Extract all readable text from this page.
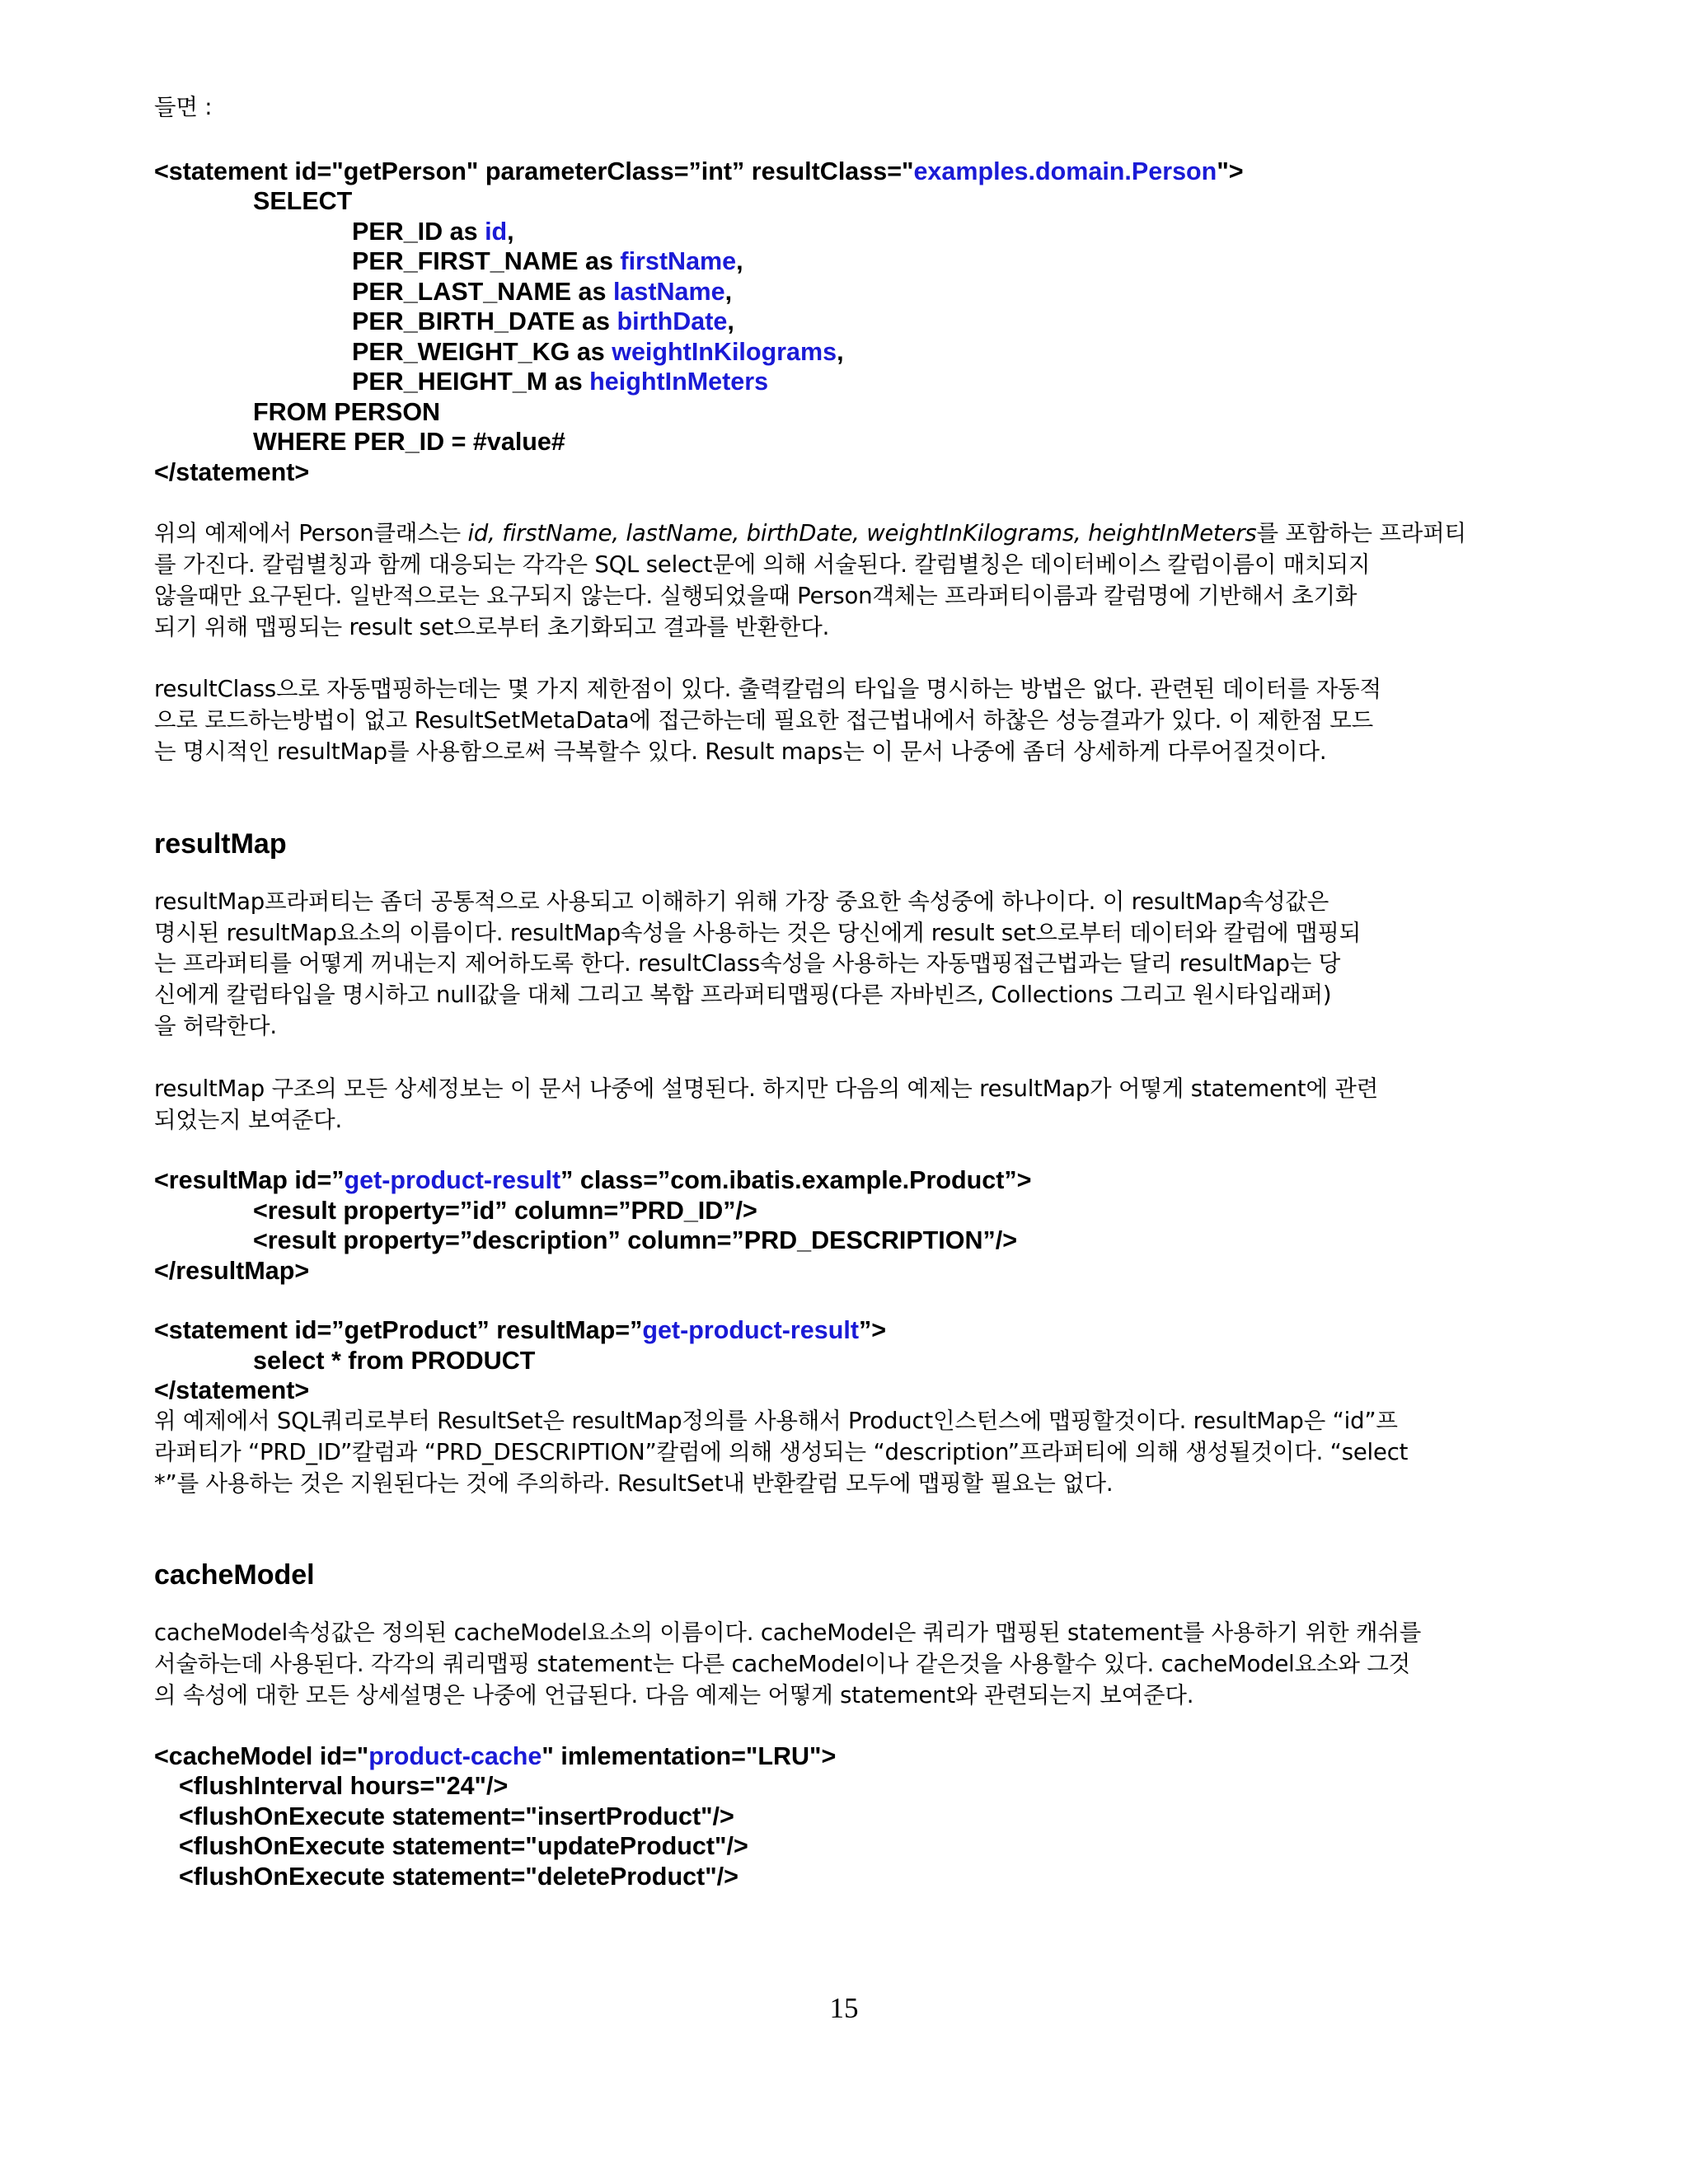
들면 :

<statement id="getPerson" parameterClass=”int” resultClass="examples.domain.Person">

SELECT

PER_ID as id,

PER_FIRST_NAME as firstName,

PER_LAST_NAME as lastName,

PER_BIRTH_DATE as birthDate,

PER_WEIGHT_KG as weightInKilograms,

PER_HEIGHT_M as heightInMeters

FROM PERSON

WHERE PER_ID = #value#

</statement>

위의 예제에서 Person클래스는 id, firstName, lastName, birthDate, weightInKilograms, heightInMeters를 포함하는 프라퍼티

를 가진다. 칼럼별칭과 함께 대응되는 각각은 SQL select문에 의해 서술된다. 칼럼별칭은 데이터베이스 칼럼이름이 매치되지

않을때만 요구된다. 일반적으로는 요구되지 않는다. 실행되었을때 Person객체는 프라퍼티이름과 칼럼명에 기반해서 초기화

되기 위해 맵핑되는 result set으로부터 초기화되고 결과를 반환한다.

resultClass으로 자동맵핑하는데는 몇 가지 제한점이 있다. 출력칼럼의 타입을 명시하는 방법은 없다. 관련된 데이터를 자동적

으로 로드하는방법이 없고 ResultSetMetaData에 접근하는데 필요한 접근법내에서 하찮은 성능결과가 있다. 이 제한점 모드

는 명시적인 resultMap를 사용함으로써 극복할수 있다. Result maps는 이 문서 나중에 좀더 상세하게 다루어질것이다.

resultMap

resultMap프라퍼티는 좀더 공통적으로 사용되고 이해하기 위해 가장 중요한 속성중에 하나이다. 이 resultMap속성값은

명시된 resultMap요소의 이름이다. resultMap속성을 사용하는 것은 당신에게 result set으로부터 데이터와 칼럼에 맵핑되

는 프라퍼티를 어떻게 꺼내는지 제어하도록 한다. resultClass속성을 사용하는 자동맵핑접근법과는 달리 resultMap는 당

신에게 칼럼타입을 명시하고 null값을 대체 그리고 복합 프라퍼티맵핑(다른 자바빈즈, Collections 그리고 원시타입래퍼)

을 허락한다.

resultMap 구조의 모든 상세정보는 이 문서 나중에 설명된다. 하지만 다음의 예제는 resultMap가 어떻게 statement에 관련

되었는지 보여준다.

<resultMap id=”get-product-result” class=”com.ibatis.example.Product”>

<result property=”id” column=”PRD_ID”/>

<result property=”description” column=”PRD_DESCRIPTION”/>

</resultMap>

<statement id=”getProduct” resultMap=”get-product-result”>

select * from PRODUCT

</statement>

위 예제에서 SQL쿼리로부터 ResultSet은 resultMap정의를 사용해서 Product인스턴스에 맵핑할것이다. resultMap은 “id”프

라퍼티가 “PRD_ID”칼럼과 “PRD_DESCRIPTION”칼럼에 의해 생성되는 “description”프라퍼티에 의해 생성될것이다. “select

*”를 사용하는 것은 지원된다는 것에 주의하라. ResultSet내 반환칼럼 모두에 맵핑할 필요는 없다.

cacheModel

cacheModel속성값은 정의된 cacheModel요소의 이름이다. cacheModel은 쿼리가 맵핑된 statement를 사용하기 위한 캐쉬를

서술하는데 사용된다. 각각의 쿼리맵핑 statement는 다른 cacheModel이나 같은것을 사용할수 있다. cacheModel요소와 그것

의 속성에 대한 모든 상세설명은 나중에 언급된다. 다음 예제는 어떻게 statement와 관련되는지 보여준다.

<cacheModel id="product-cache" imlementation="LRU">

<flushInterval hours="24"/>

<flushOnExecute statement="insertProduct"/>

<flushOnExecute statement="updateProduct"/>

<flushOnExecute statement="deleteProduct"/>

15
